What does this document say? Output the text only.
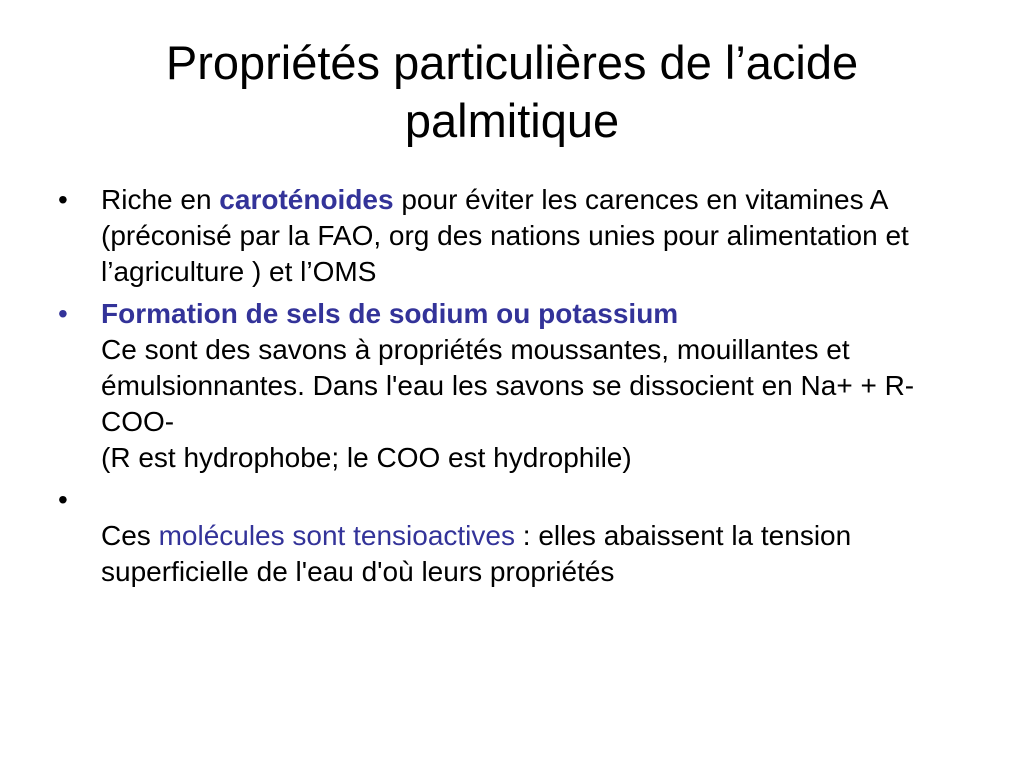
Propriétés particulières de l’acide
palmitique
• Riche en caroténoides pour éviter les carences en vitamines A (préconisé par la FAO, org des nations unies pour alimentation et l’agriculture ) et l’OMS
• Formation de sels de sodium ou potassium
Ce sont des savons à propriétés moussantes, mouillantes et émulsionnantes. Dans l'eau les savons se dissocient en Na+ + R-COO-
(R est hydrophobe; le COO est hydrophile)
•
Ces molécules sont tensioactives : elles abaissent la tension superficielle de l'eau d'où leurs propriétés
